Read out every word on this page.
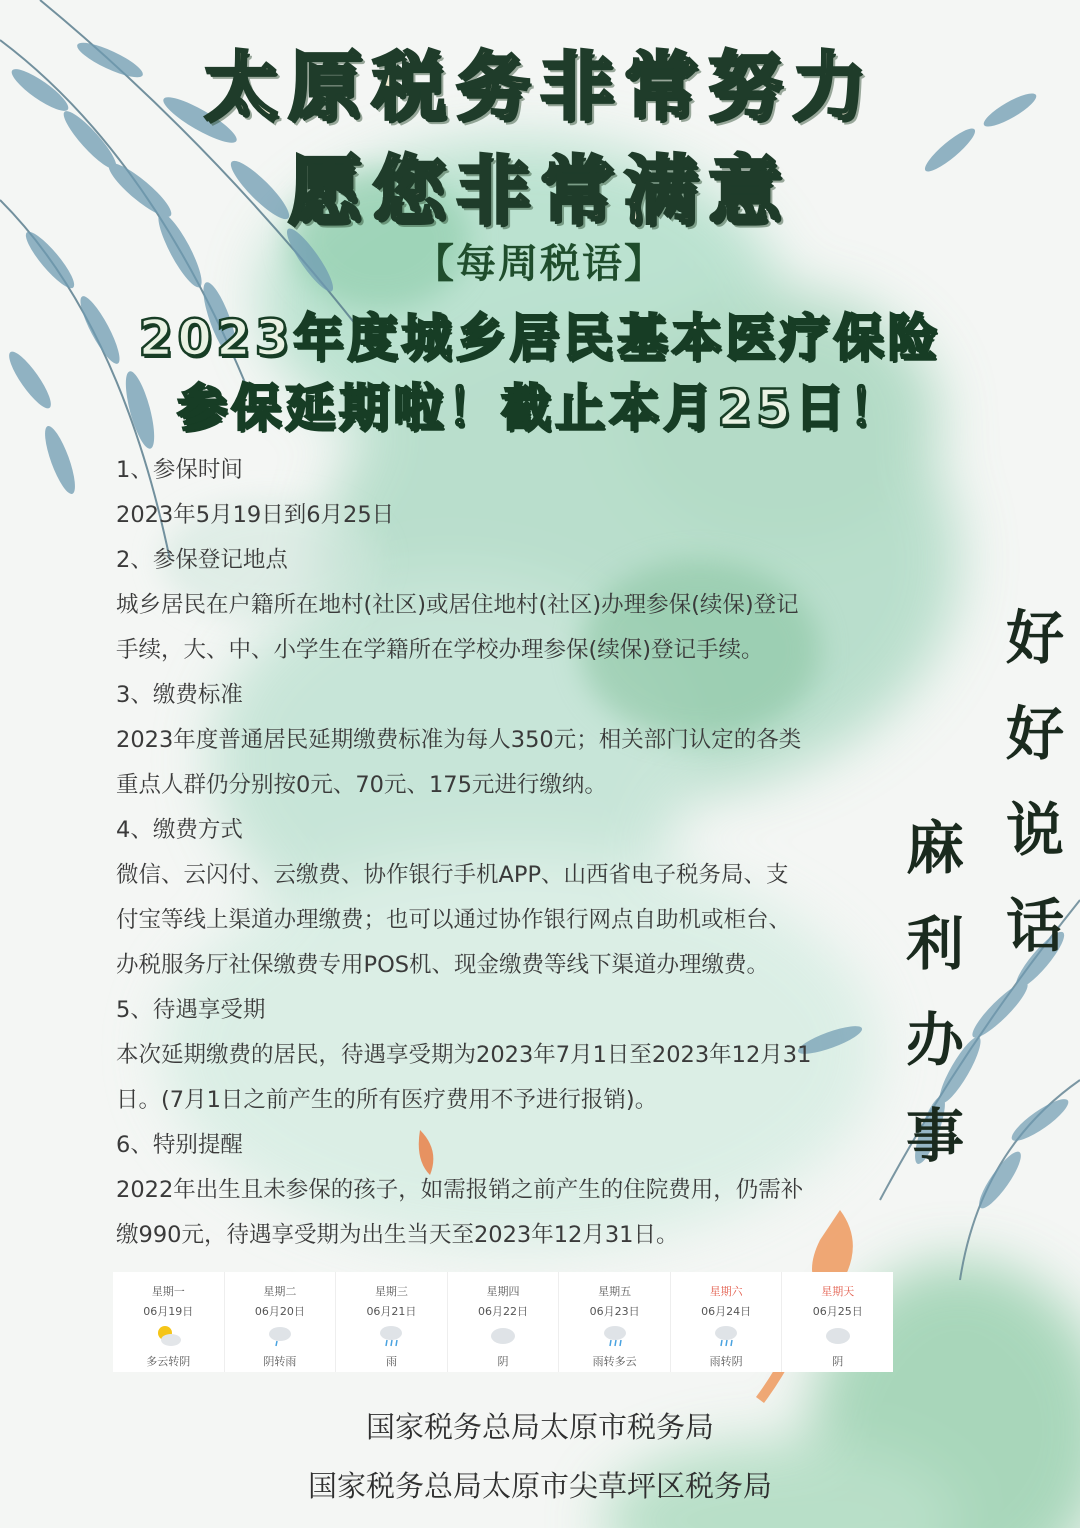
太原税务非常努力
愿您非常满意
【每周税语】
2023年度城乡居民基本医疗保险
参保延期啦！截止本月25日！

1、参保时间

2023年5月19日到6月25日

2、参保登记地点

城乡居民在户籍所在地村(社区)或居住地村(社区)办理参保(续保)登记

手续，大、中、小学生在学籍所在学校办理参保(续保)登记手续。

3、缴费标准

2023年度普通居民延期缴费标准为每人350元；相关部门认定的各类

重点人群仍分别按0元、70元、175元进行缴纳。

4、缴费方式

微信、云闪付、云缴费、协作银行手机APP、山西省电子税务局、支

付宝等线上渠道办理缴费；也可以通过协作银行网点自助机或柜台、

办税服务厅社保缴费专用POS机、现金缴费等线下渠道办理缴费。

5、待遇享受期

本次延期缴费的居民，待遇享受期为2023年7月1日至2023年12月31

日。(7月1日之前产生的所有医疗费用不予进行报销)。

6、特别提醒

2022年出生且未参保的孩子，如需报销之前产生的住院费用，仍需补

缴990元，待遇享受期为出生当天至2023年12月31日。

好
好
说
话
麻
利
办
事
星期一
06月19日
多云转阴
星期二
06月20日
阴转雨
星期三
06月21日
雨
星期四
06月22日
阴
星期五
06月23日
雨转多云
星期六
06月24日
雨转阴
星期天
06月25日
阴
国家税务总局太原市税务局
国家税务总局太原市尖草坪区税务局
